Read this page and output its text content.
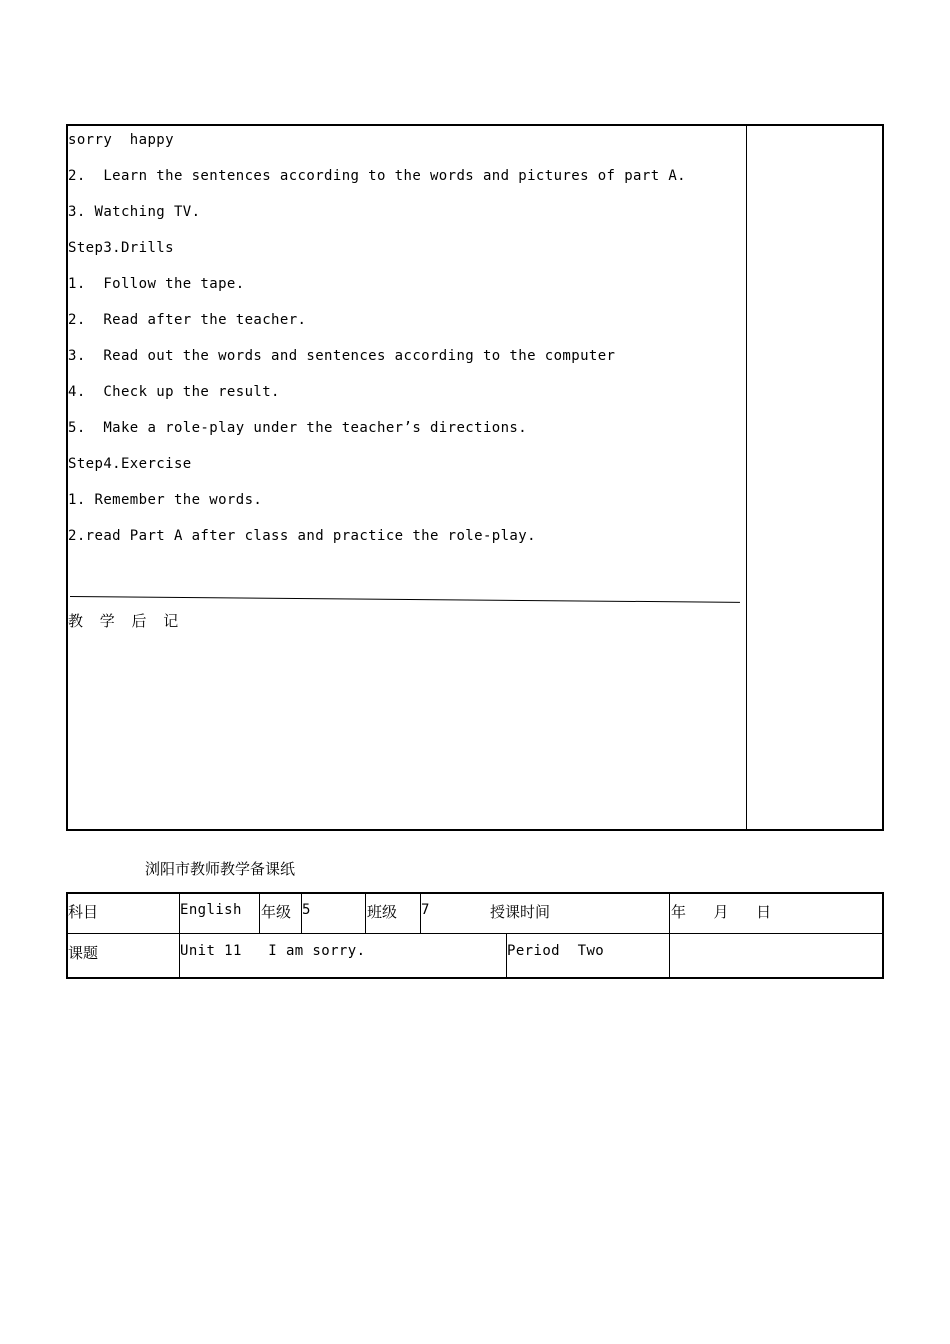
sorry  happy
2.  Learn the sentences according to the words and pictures of part A.
3. Watching TV.
Step3.Drills
1.  Follow the tape.
2.  Read after the teacher.
3.  Read out the words and sentences according to the computer
4.  Check up the result.
5.  Make a role-play under the teacher’s directions.
Step4.Exercise
1. Remember the words.
2.read Part A after class and practice the role-play.
教 学 后 记
浏阳市教师教学备课纸
科目	English 年级 5	班级 7	授课时间	年  月  日
课题	Unit 11   I am sorry.	Period  Two
